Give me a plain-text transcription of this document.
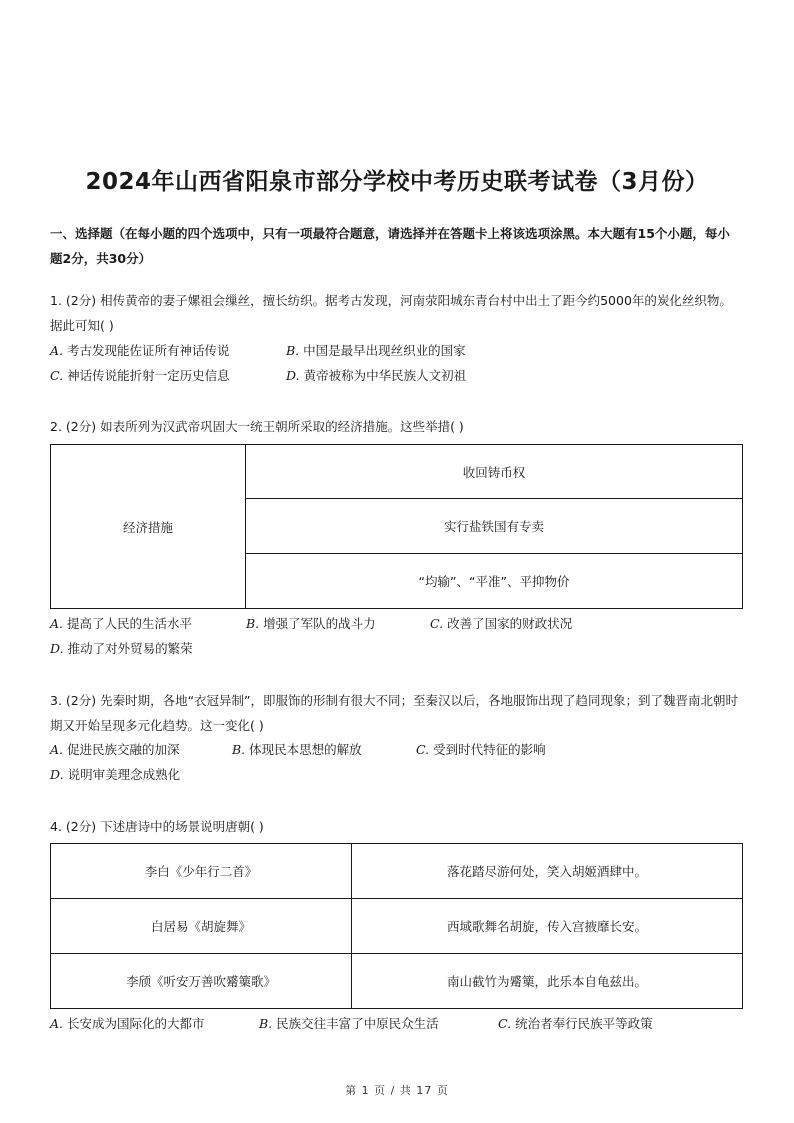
2024年山西省阳泉市部分学校中考历史联考试卷（3月份）
一、选择题（在每小题的四个选项中，只有一项最符合题意，请选择并在答题卡上将该选项涂黑。本大题有15个小题，每小题2分，共30分）
1. (2分) 相传黄帝的妻子嫘祖会缫丝，擅长纺织。据考古发现，河南荥阳城东青台村中出土了距今约5000年的炭化丝织物。据此可知( )
A. 考古发现能佐证所有神话传说	B. 中国是最早出现丝织业的国家
C. 神话传说能折射一定历史信息	D. 黄帝被称为中华民族人文初祖
2. (2分) 如表所列为汉武帝巩固大一统王朝所采取的经济措施。这些举措( )
经济措施	收回铸币权
实行盐铁国有专卖
“均输”、“平准”、平抑物价
A. 提高了人民的生活水平	B. 增强了军队的战斗力	C. 改善了国家的财政状况
D. 推动了对外贸易的繁荣
3. (2分) 先秦时期，各地“衣冠异制”，即服饰的形制有很大不同；至秦汉以后，各地服饰出现了趋同现象；到了魏晋南北朝时期又开始呈现多元化趋势。这一变化( )
A. 促进民族交融的加深	B. 体现民本思想的解放	C. 受到时代特征的影响
D. 说明审美理念成熟化
4. (2分) 下述唐诗中的场景说明唐朝( )
李白《少年行二首》	落花踏尽游何处，笑入胡姬酒肆中。
白居易《胡旋舞》	西域歌舞名胡旋，传入宫掖靡长安。
李颀《听安万善吹觱篥歌》	南山截竹为觱篥，此乐本自龟兹出。
A. 长安成为国际化的大都市	B. 民族交往丰富了中原民众生活	C. 统治者奉行民族平等政策
第 1 页 / 共 17 页
